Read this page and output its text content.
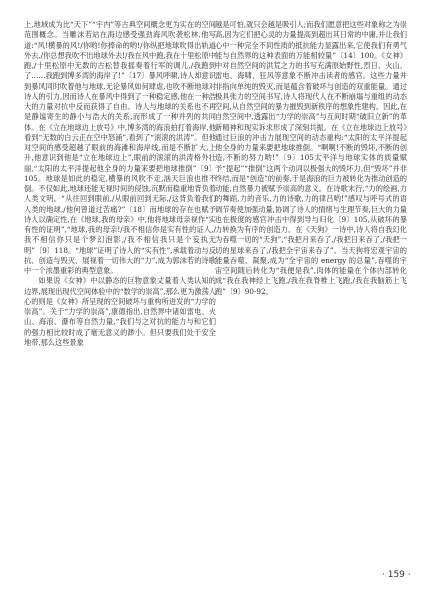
上,地域成为比“天下”“宇内”等古典空间概念更为实在的空间范围概念。当雕沫若站在海边感受强劲海风吹袭松林,他写道:“风!横暴的风!/你哟!你捧命的哟!/你纵把地球吹得出轨道外去,/你总想我吹不出地球外去!/我在风中跑,我在十里松原中跑,/十里松原中无数的古松替我摇奏着行军的调儿,/我跑到了……我跑到博多湾的海岸了!”〔17〕暴风呼啸,诗人却意识到暴风同时吹着他与地球,无论暴风如何肆虐,也吹不断地球对诗人的引力,因而诗人在暴风中得到了一种稳定感,他在一种浩大的力量对抗中反而获得了自由。诗人与地球的关系也不再是静谧寄生的静小与浩大的关系,而形成了一种并列的共同体。在《立在地球边上放号》中,博多湾的海浪拍打着海岸,他看到“无数的白云正在空中怒涌”,看到了“滚滚的洪涛”。但他对空间的感受超越了眼前的海滩和海岸线,而是不断扩大,上升,他意识到他是“立在地球边上”,眼前的滚滚的洪涛格外壮丽,“太阳的太平洋提起他全身的力量来要把地球推倒”〔9〕105。地球是如此的稳定,横暴的风吹不走,汹天巨浪也推不倒。不仅如此,地球还能无视时间的侵蚀,沉默而稳重地背负着人类文明。“从往回到眼前,/从眼前回到无际,/这背负着我们人类的地球,/他何曾道过苦痛?”〔18〕而地球的存在也赋予诗人以确定性,在《地球,我的母亲》中,他将地球母亲视作“实有性的证明”,“地球,我的母亲!/我不相信你是实有性的证人,/我不相信你只是个梦幻泡影,/我不相信我只是个妄执无明”〔9〕118。“地球”证明了诗人的“实有性”,承载着动与反抗、创造与毁灭、展视着一切伟大的“力”,成为郭沫若的诗歌中一个浓墨重彩的典型意象。

如果说《女神》中以静态的巨物意象丈量着人类认知的边界,展现出现代空间体验中的“数学的崇高”,那么更为激荡人心的则是《女神》所呈现的空间破坏与重构所迸发的“力学的崇高”。关于“力学的崇高”,康德指出,自然界中诸如雷电、火山、海浪、瀑布等自然力量,“我们与之对抗的能力与和它们的强力相比较时成了毫无意义的渺小。但只要我们处于安全地带,那么这些景象

越是可怕,就只会越是吸引人;而我们愿意把这些对象称之为崇高,因为它们把心灵的力量提高到超出其日常的中庸,并让我们心中一种完全不同性质的抵抗能力显露出来,它使我们有勇气能与自然界的这种表面的万能相较量”〔14〕100。《女神》中对自然空间的洪荒之力的书写充满原始野性,烈日、火山、雷电、海啸、狂风等意象不断冲击读者的感官。这些力量并非指向单纯的毁灭,而是蕴含着破坏与创造的双重能量。通过极具张力的空间书写,诗人将现代人在不断崩塌与重组的动态空间,从自然空间的暴力摧毁到新秩序的想象性建构。因此,在自然空间中,透露出“力学的崇高”与互间时期“破旧立新”的革新精神和现实诉求形成了深刻共振。在《立在地球边上放号》通过巨浪的冲击力展现空间的动态重构:“太阳的太平洋提起他全身的力量来要把地球推倒。“啊啊!不断的毁坏,不断的创造,不断的努力哟!”〔9〕105太平洋与地球实体的质量赋予“提起”“推倒”这两个动词以极强大的毁坏力,但“毁坏”并非终结,而是“创造”的前奏,于是海浪的巨力被转化为推动创造的动能,自然暴力被赋予崇高的意义。在诗歌末行,“力的绘画,力的舞蹈,力的音乐,力的诗歌,力的律吕哟!”感叹与呼号式的语调节奏使加强动量,协调了诗人的情绪与生理节奏,巨大的力量也在极度的感官冲击中得到导与归化〔9〕105,从破坏的暴力转换为有序的创造力。在《天狗》一诗中,诗人将自我幻化为吞噬一切的“天狗”,“我把月来吞了,/我把日来吞了,/我把一切的星球来吞了,/我把全宇宙来吞了”。当天狗将宏观宇宙的能量吞噬、凝聚,成为“全宇宙的 energy 的总量”,吞噬的宇宙空间随后转化为“我便是我”,肉体的能量在个体内部转化成“我在我神经上飞跑,/我在我脊椎上飞跑,/我在我脑筋上飞跑”〔9〕90-92。

· 159 ·
